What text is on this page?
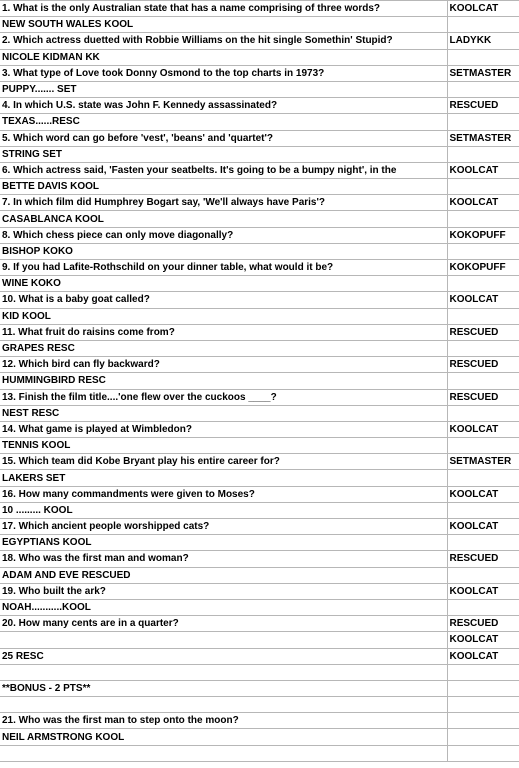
1. What is the only Australian state that has a name comprising of three words?	KOOLCAT
NEW SOUTH WALES KOOL	
2. Which actress duetted with Robbie Williams on the hit single Somethin' Stupid?	LADYKK
NICOLE KIDMAN KK	
3. What type of Love took Donny Osmond to the top charts in 1973?	SETMASTER
PUPPY....... SET	
4. In which U.S. state was John F. Kennedy assassinated?	RESCUED
TEXAS......RESC	
5. Which word can go before 'vest', 'beans' and 'quartet'?	SETMASTER
STRING SET	
6. Which actress said, 'Fasten your seatbelts. It's going to be a bumpy night', in the	KOOLCAT
BETTE DAVIS KOOL	
7. In which film did Humphrey Bogart say, 'We'll always have Paris'?	KOOLCAT
CASABLANCA KOOL	
8. Which chess piece can only move diagonally?	KOKOPUFF
BISHOP KOKO	
9. If you had Lafite-Rothschild on your dinner table, what would it be?	KOKOPUFF
WINE KOKO	
10. What is a baby goat called?	KOOLCAT
KID KOOL	
11. What fruit do raisins come from?	RESCUED
GRAPES RESC	
12. Which bird can fly backward?	RESCUED
HUMMINGBIRD RESC	
13. Finish the film title....'one flew over the cuckoos ____?	RESCUED
NEST RESC	
14. What game is played at Wimbledon?	KOOLCAT
TENNIS KOOL	
15. Which team did Kobe Bryant play his entire career for?	SETMASTER
LAKERS SET	
16. How many commandments were given to Moses?	KOOLCAT
10 ......... KOOL	
17. Which ancient people worshipped cats?	KOOLCAT
EGYPTIANS KOOL	
18. Who was the first man and woman?	RESCUED
ADAM AND EVE RESCUED	
19. Who built the ark?	KOOLCAT
NOAH...........KOOL	
20. How many cents are in a quarter?	RESCUED
	KOOLCAT
25 RESC	KOOLCAT

**BONUS - 2 PTS**	

21. Who was the first man to step onto the moon?	
NEIL ARMSTRONG KOOL	
